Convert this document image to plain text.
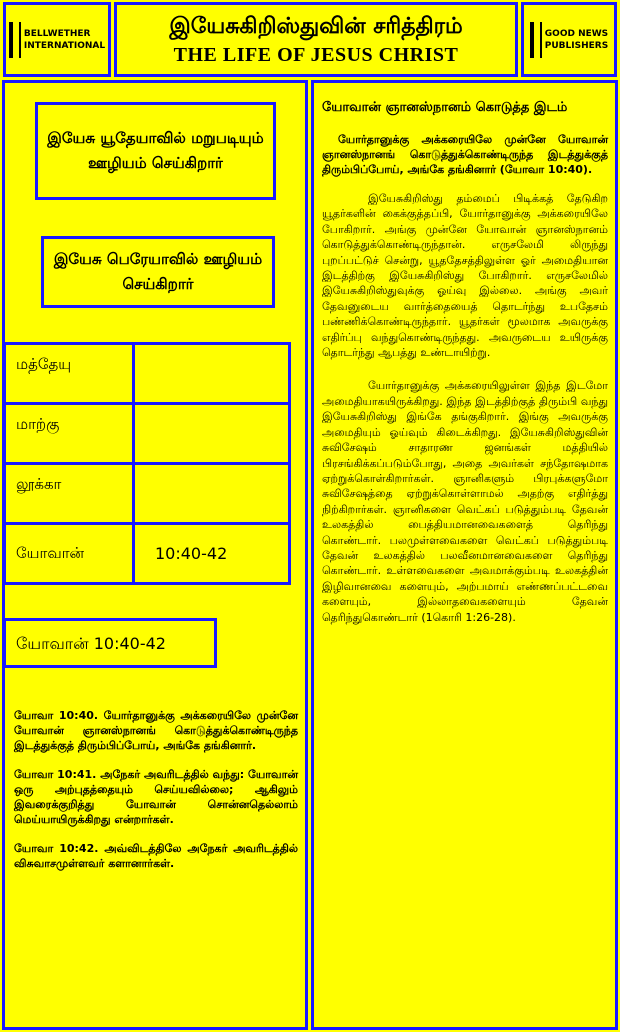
BELLWETHER
INTERNATIONAL
இயேசுகிறிஸ்துவின் சரித்திரம்
THE LIFE OF JESUS CHRIST
GOOD NEWS
PUBLISHERS
இயேசு யூதேயாவில் மறுபடியும் ஊழியம் செய்கிறார்
இயேசு பெரேயாவில் ஊழியம் செய்கிறார்
மத்தேயு
மாற்கு
லூக்கா
யோவான்	10:40-42
யோவான் 10:40-42

யோவா 10:40. யோர்தானுக்கு அக்கரையிலே முன்னே யோவான் ஞானஸ்நானங் கொடுத்துக்கொண்டிருந்த இடத்துக்குத் திரும்பிப்போய், அங்கே தங்கினார்.

யோவா 10:41. அநேகர் அவரிடத்தில் வந்து: யோவான் ஒரு அற்புதத்தையும் செய்யவில்லை; ஆகிலும் இவரைக்குறித்து யோவான் சொன்னதெல்லாம் மெய்யாயிருக்கிறது என்றார்கள்.

யோவா 10:42. அவ்விடத்திலே அநேகர் அவரிடத்தில் விசுவாசமுள்ளவர் களானார்கள்.

யோவான் ஞானஸ்நானம் கொடுத்த இடம்
யோர்தானுக்கு அக்கரையிலே முன்னே யோவான் ஞானஸ்நானங் கொடுத்துக்கொண்டிருந்த இடத்துக்குத் திரும்பிப்போய், அங்கே தங்கினார் (யோவா 10:40).
இயேசுகிறிஸ்து தம்மைப் பிடிக்கத் தேடுகிற யூதர்களின் கைக்குத்தப்பி, யோர்தானுக்கு அக்கரையிலே போகிறார். அங்கு முன்னே யோவான் ஞானஸ்நானம் கொடுத்துக்கொண்டிருந்தான். எருசலேமி லிருந்து புறப்பட்டுச் சென்று, யூததேசத்திலுள்ள ஓர் அமைதியான இடத்திற்கு இயேசுகிறிஸ்து போகிறார். எருசலேமில் இயேசுகிறிஸ்துவுக்கு ஓய்வு இல்லை. அங்கு அவர் தேவனுடைய வார்த்தையைத் தொடர்ந்து உபதேசம் பண்ணிக்கொண்டிருந்தார். யூதர்கள் மூலமாக அவருக்கு எதிர்ப்பு வந்துகொண்டிருந்தது. அவருடைய உயிருக்கு தொடர்ந்து ஆபத்து உண்டாயிற்று.
யோர்தானுக்கு அக்கரையிலுள்ள இந்த இடமோ அமைதியாகயிருக்கிறது. இந்த இடத்திற்குத் திரும்பி வந்து இயேசுகிறிஸ்து இங்கே தங்குகிறார். இங்கு அவருக்கு அமைதியும் ஓய்வும் கிடைக்கிறது. இயேசுகிறிஸ்துவின் சுவிசேஷம் சாதாரண ஜனங்கள் மத்தியில் பிரசங்கிக்கப்படும்போது, அதை அவர்கள் சந்தோஷமாக ஏற்றுக்கொள்கிறார்கள். ஞானிகளும் பிரபுக்களுமோ சுவிசேஷத்தை ஏற்றுக்கொள்ளாமல் அதற்கு எதிர்த்து நிற்கிறார்கள். ஞானிகளை வெட்கப் படுத்தும்படி தேவன் உலகத்தில் பைத்தியமானவைகளைத் தெரிந்து கொண்டார். பலமுள்ளவைகளை வெட்கப் படுத்தும்படி தேவன் உலகத்தில் பலவீனமானவைகளை தெரிந்து கொண்டார். உள்ளவைகளை அவமாக்கும்படி உலகத்தின் இழிவானவை களையும், அற்பமாய் எண்ணப்பட்டவை களையும், இல்லாதவைகளையும் தேவன் தெரிந்துகொண்டார் (1கொரி 1:26-28).
